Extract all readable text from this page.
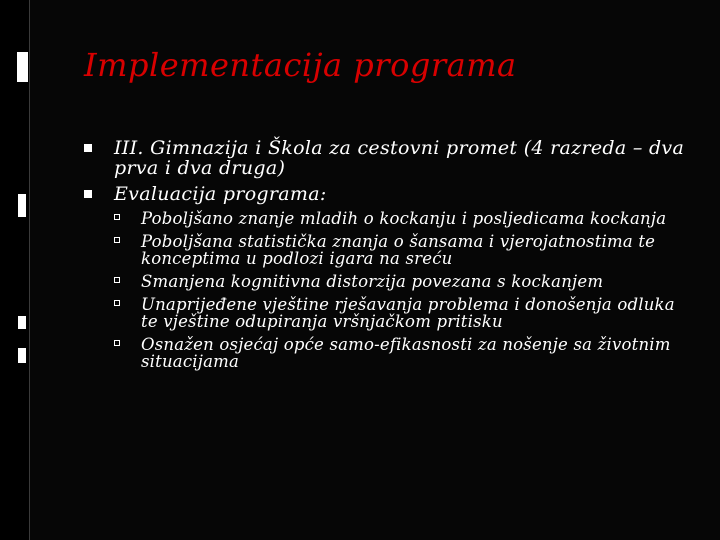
Implementacija programa
III. Gimnazija i Škola za cestovni promet (4 razreda – dva prva i dva druga)
Evaluacija programa:
Poboljšano znanje mladih o kockanju i posljedicama kockanja
Poboljšana statistička znanja o šansama i vjerojatnostima te konceptima u podlozi igara na sreću
Smanjena kognitivna distorzija povezana s kockanjem
Unaprijeđene vještine rješavanja problema i donošenja odluka te vještine odupiranja vršnjačkom pritisku
Osnažen osjećaj opće samo-efikasnosti za nošenje sa životnim situacijama
